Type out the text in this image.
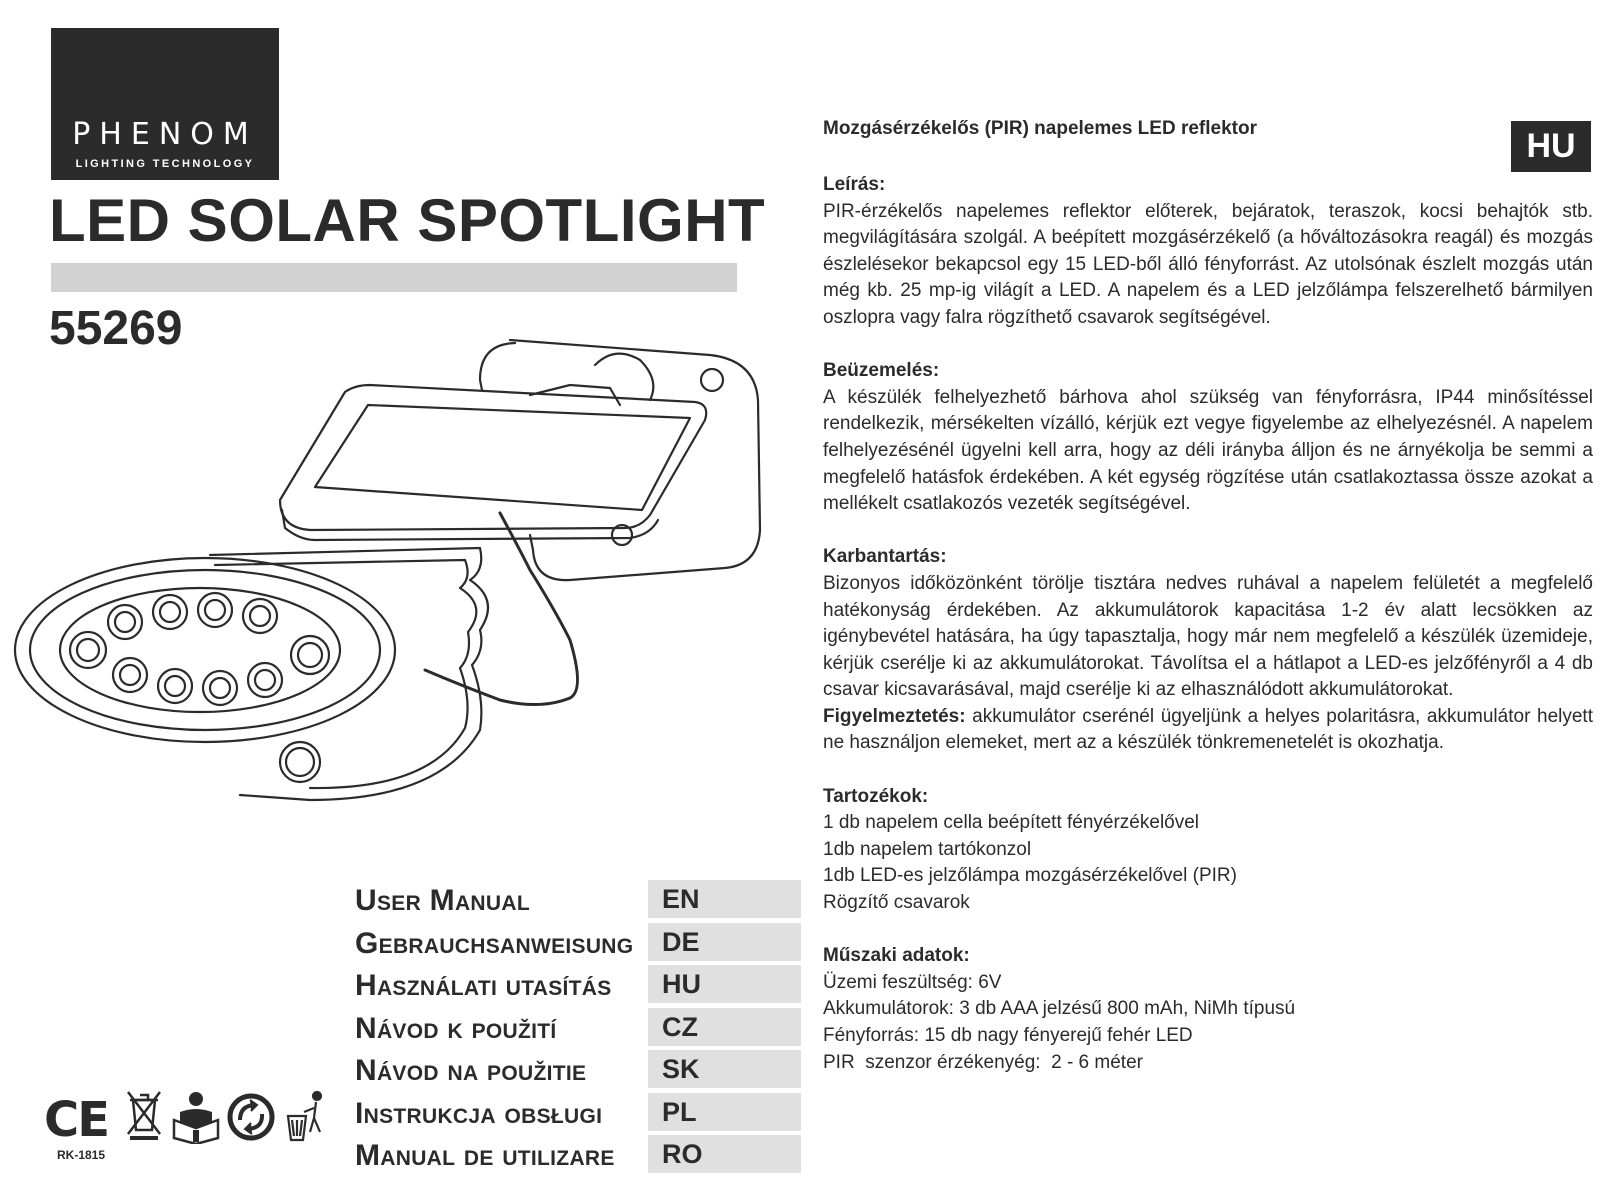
PHENOM
LIGHTING TECHNOLOGY
LED SOLAR SPOTLIGHT
55269
User Manual	EN
Gebrauchsanweisung	DE
Használati utasítás	HU
Návod k použití	CZ
Návod na použitie	SK
Instrukcja obsługi	PL
Manual de utilizare	RO
CE
RK-1815
Mozgásérzékelős (PIR) napelemes LED reflektor	HU
Leírás:

PIR-érzékelős napelemes reflektor előterek, bejáratok, teraszok, kocsi behajtók stb. megvilágítására szolgál. A beépített mozgásérzékelő (a hőváltozásokra reagál) és mozgás észlelésekor bekapcsol egy 15 LED-ből álló fényforrást. Az utolsónak észlelt mozgás után még kb. 25 mp-ig világít a LED. A napelem és a LED jelzőlámpa felszerelhető bármilyen oszlopra vagy falra rögzíthető csavarok segítségével.

Beüzemelés:

A készülék felhelyezhető bárhova ahol szükség van fényforrásra, IP44 minősítéssel rendelkezik, mérsékelten vízálló, kérjük ezt vegye figyelembe az elhelyezésnél. A napelem felhelyezésénél ügyelni kell arra, hogy az déli irányba álljon és ne árnyékolja be semmi a megfelelő hatásfok érdekében. A két egység rögzítése után csatlakoztassa össze azokat a mellékelt csatlakozós vezeték segítségével.

Karbantartás:

Bizonyos időközönként törölje tisztára nedves ruhával a napelem felületét a megfelelő hatékonyság érdekében. Az akkumulátorok kapacitása 1-2 év alatt lecsökken az igénybevétel hatására, ha úgy tapasztalja, hogy már nem megfelelő a készülék üzemideje, kérjük cserélje ki az akkumulátorokat. Távolítsa el a hátlapot a LED-es jelzőfényről a 4 db csavar kicsavarásával, majd cserélje ki az elhasználódott akkumulátorokat.

Figyelmeztetés: akkumulátor cserénél ügyeljünk a helyes polaritásra, akkumulátor helyett ne használjon elemeket, mert az a készülék tönkremenetelét is okozhatja.

Tartozékok:
1 db napelem cella beépített fényérzékelővel
1db napelem tartókonzol
1db LED-es jelzőlámpa mozgásérzékelővel (PIR)
Rögzítő csavarok
Műszaki adatok:
Üzemi feszültség: 6V
Akkumulátorok: 3 db AAA jelzésű 800 mAh, NiMh típusú
Fényforrás: 15 db nagy fényerejű fehér LED
PIR  szenzor érzékenyég:  2 - 6 méter
